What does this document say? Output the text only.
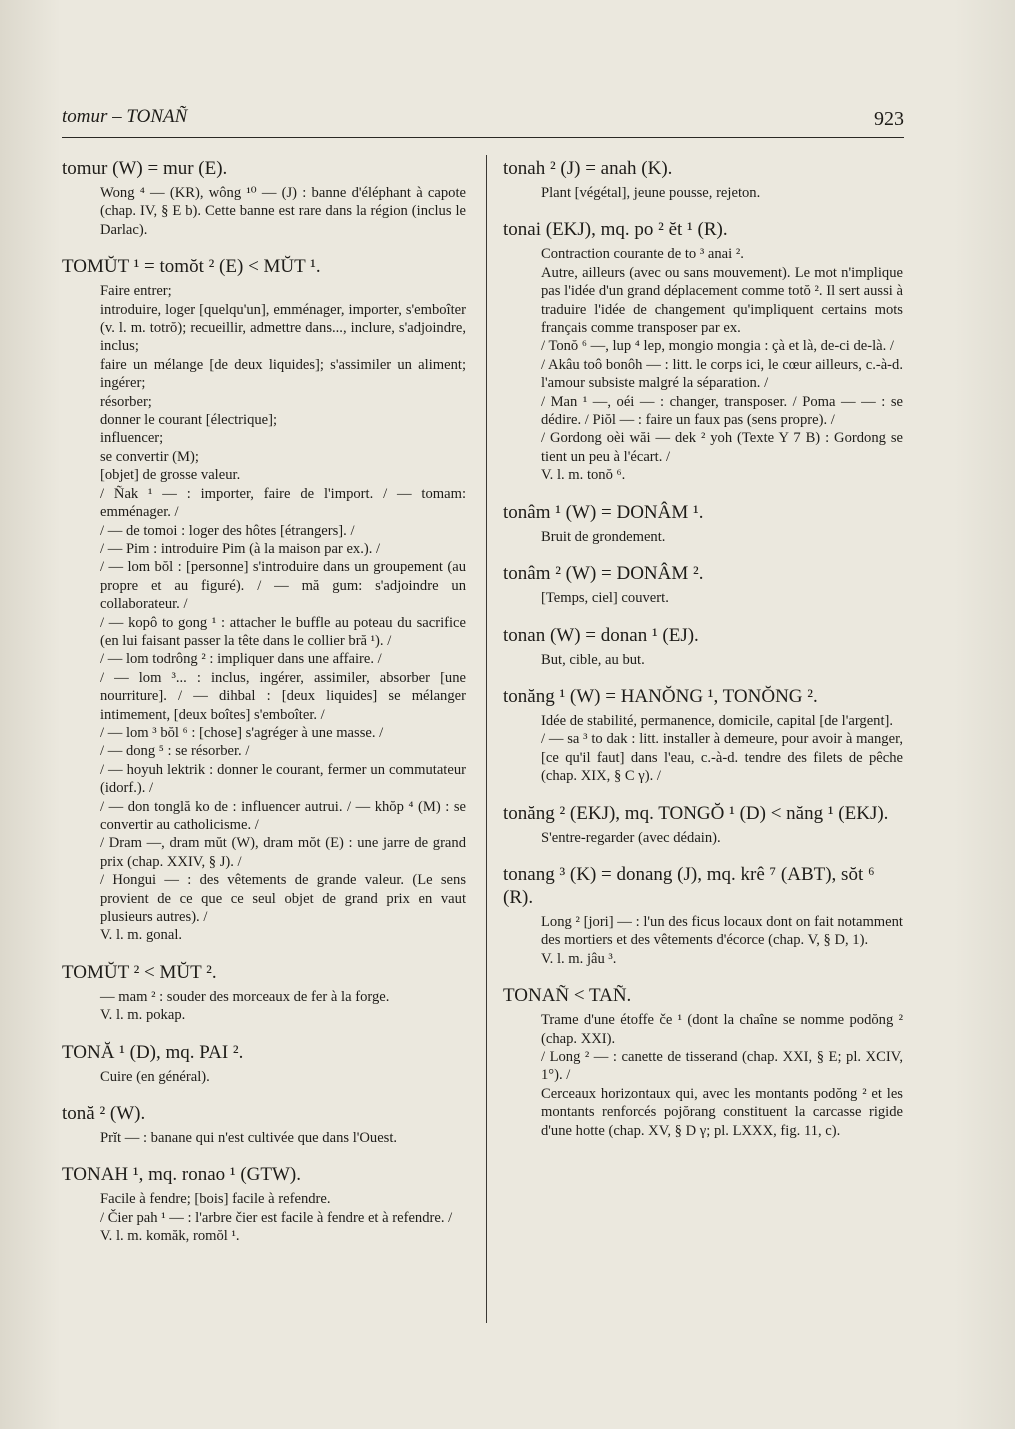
tomur – TONAÑ	923
tomur (W) = mur (E).

Wong ⁴ — (KR), wông ¹⁰ — (J) : banne d'éléphant à capote (chap. IV, § E b). Cette banne est rare dans la région (inclus le Darlac).

TOMŬT ¹ = tomŏt ² (E) < MŬT ¹.

Faire entrer;

introduire, loger [quelqu'un], emménager, importer, s'emboîter (v. l. m. totrŏ); recueillir, admettre dans..., inclure, s'adjoindre, inclus;

faire un mélange [de deux liquides]; s'assimiler un aliment; ingérer;

résorber;

donner le courant [électrique];

influencer;

se convertir (M);

[objet] de grosse valeur.

/ Ñak ¹ — : importer, faire de l'import. / — tomam: emménager. /

/ — de tomoi : loger des hôtes [étrangers]. /

/ — Pim : introduire Pim (à la maison par ex.). /

/ — lom bŏl : [personne] s'introduire dans un groupement (au propre et au figuré). / — mă gum: s'adjoindre un collaborateur. /

/ — kopô to gong ¹ : attacher le buffle au poteau du sacrifice (en lui faisant passer la tête dans le collier bră ¹). /

/ — lom todrông ² : impliquer dans une affaire. /

/ — lom ³... : inclus, ingérer, assimiler, absorber [une nourriture]. / — dihbal : [deux liquides] se mélanger intimement, [deux boîtes] s'emboîter. /

/ — lom ³ bŏl ⁶ : [chose] s'agréger à une masse. /

/ — dong ⁵ : se résorber. /

/ — hoyuh lektrik : donner le courant, fermer un commutateur (idorf.). /

/ — don tonglă ko de : influencer autrui. / — khŏp ⁴ (M) : se convertir au catholicisme. /

/ Dram —, dram mŭt (W), dram mŏt (E) : une jarre de grand prix (chap. XXIV, § J). /

/ Hongui — : des vêtements de grande valeur. (Le sens provient de ce que ce seul objet de grand prix en vaut plusieurs autres). /

V. l. m. gonal.

TOMŬT ² < MŬT ².

— mam ² : souder des morceaux de fer à la forge.

V. l. m. pokap.

TONĂ ¹ (D), mq. PAI ².

Cuire (en général).

tonă ² (W).

Prĭt — : banane qui n'est cultivée que dans l'Ouest.

TONAH ¹, mq. ronao ¹ (GTW).

Facile à fendre; [bois] facile à refendre.

/ Čier pah ¹ — : l'arbre čier est facile à fendre et à refendre. /

V. l. m. komăk, romŏl ¹.

tonah ² (J) = anah (K).

Plant [végétal], jeune pousse, rejeton.

tonai (EKJ), mq. po ² ĕt ¹ (R).

Contraction courante de to ³ anai ².

Autre, ailleurs (avec ou sans mouvement). Le mot n'implique pas l'idée d'un grand déplacement comme totŏ ². Il sert aussi à traduire l'idée de changement qu'impliquent certains mots français comme transposer par ex.

/ Tonŏ ⁶ —, lup ⁴ lep, mongio mongia : çà et là, de-ci de-là. /

/ Akâu toô bonôh — : litt. le corps ici, le cœur ailleurs, c.-à-d. l'amour subsiste malgré la séparation. /

/ Man ¹ —, oéi — : changer, transposer. / Poma — — : se dédire. / Piŏl — : faire un faux pas (sens propre). /

/ Gordong oèi wăi — dek ² yoh (Texte Y 7 B) : Gordong se tient un peu à l'écart. /

V. l. m. tonŏ ⁶.

tonâm ¹ (W) = DONÂM ¹.

Bruit de grondement.

tonâm ² (W) = DONÂM ².

[Temps, ciel] couvert.

tonan (W) = donan ¹ (EJ).

But, cible, au but.

tonăng ¹ (W) = HANŎNG ¹, TONŎNG ².

Idée de stabilité, permanence, domicile, capital [de l'argent].

/ — sa ³ to dak : litt. installer à demeure, pour avoir à manger, [ce qu'il faut] dans l'eau, c.-à-d. tendre des filets de pêche (chap. XIX, § C γ). /

tonăng ² (EKJ), mq. TONGŎ ¹ (D) < năng ¹ (EKJ).

S'entre-regarder (avec dédain).

tonang ³ (K) = donang (J), mq. krê ⁷ (ABT), sŏt ⁶ (R).

Long ² [jori] — : l'un des ficus locaux dont on fait notamment des mortiers et des vêtements d'écorce (chap. V, § D, 1).

V. l. m. jâu ³.

TONAÑ < TAÑ.

Trame d'une étoffe če ¹ (dont la chaîne se nomme podŏng ² (chap. XXI).

/ Long ² — : canette de tisserand (chap. XXI, § E; pl. XCIV, 1°). /

Cerceaux horizontaux qui, avec les montants podŏng ² et les montants renforcés pojŏrang constituent la carcasse rigide d'une hotte (chap. XV, § D γ; pl. LXXX, fig. 11, c).
